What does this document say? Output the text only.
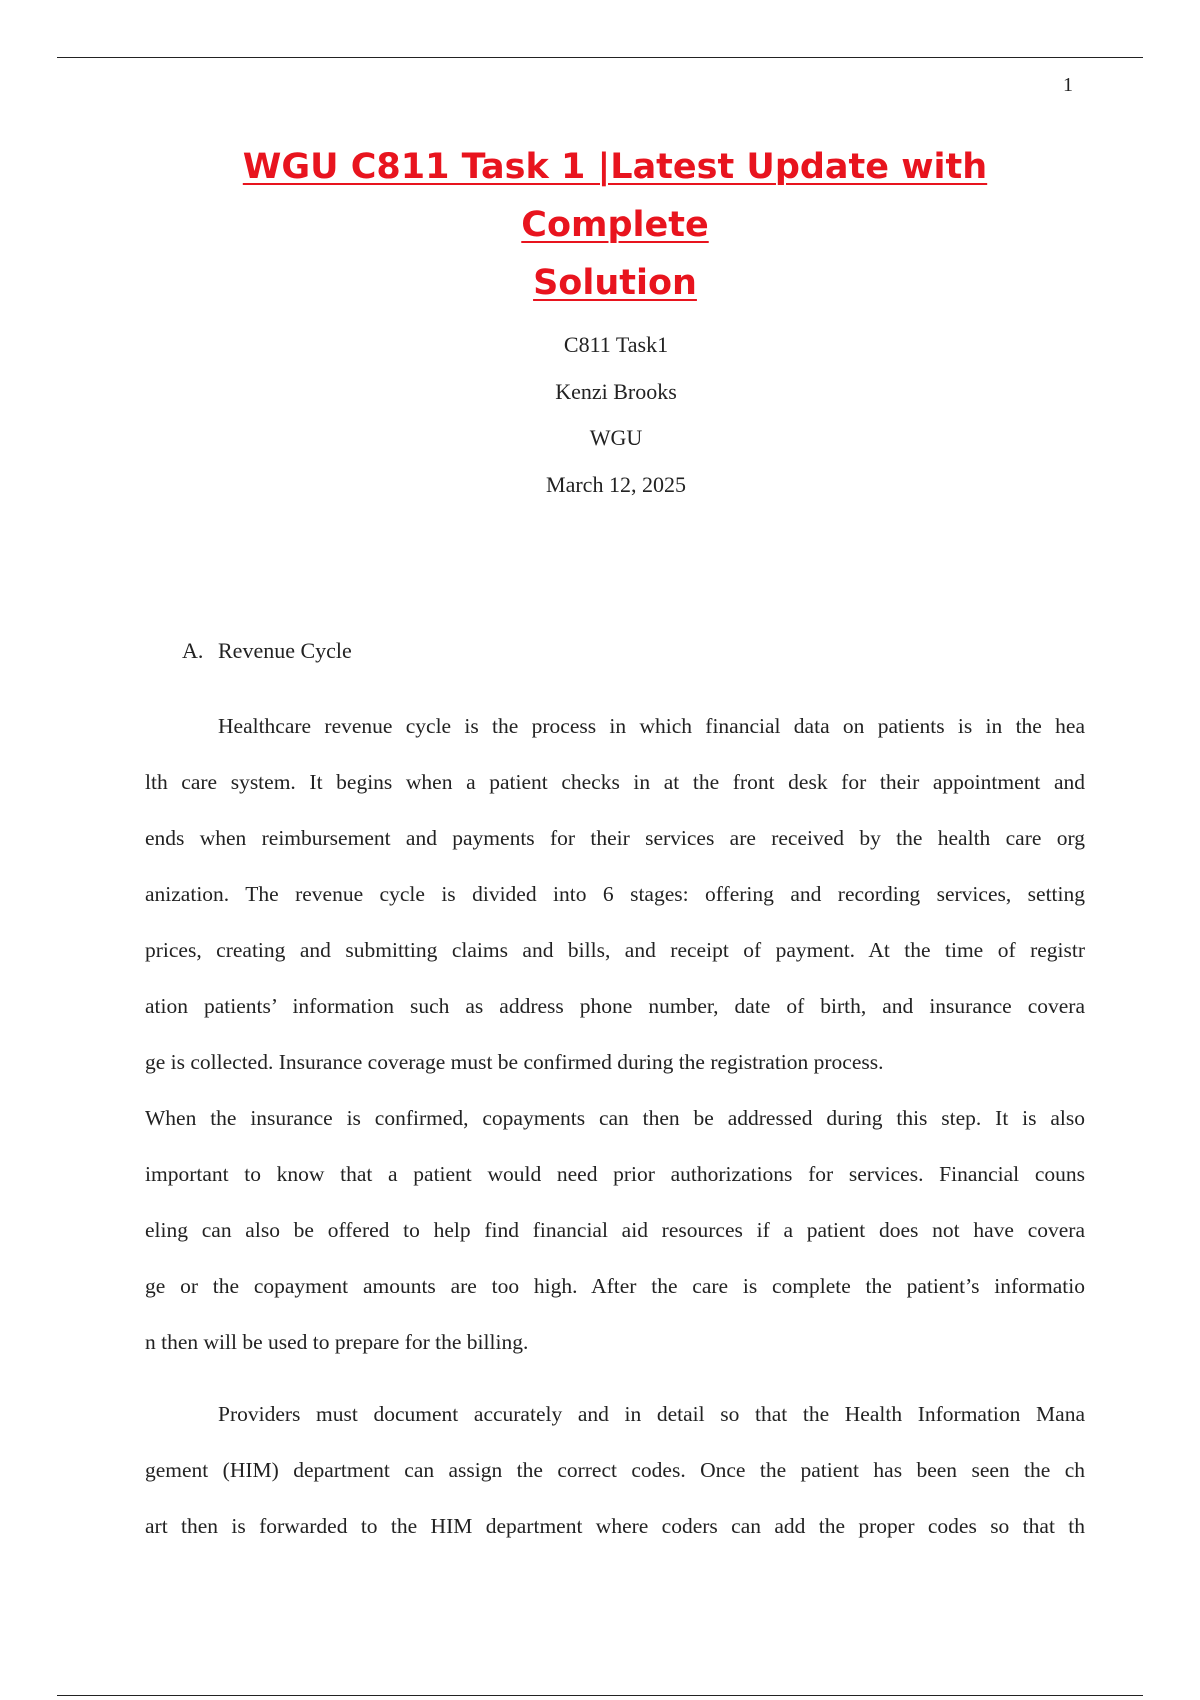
1
WGU C811 Task 1 |Latest Update with Complete
Solution
C811 Task1
Kenzi Brooks
WGU
March 12, 2025
A. Revenue Cycle
Healthcare revenue cycle is the process in which financial data on patients is in the hea
lth care system. It begins when a patient checks in at the front desk for their appointment and
ends when reimbursement and payments for their services are received by the health care org
anization. The revenue cycle is divided into 6 stages: offering and recording services, setting
prices, creating and submitting claims and bills, and receipt of payment. At the time of registr
ation patients’ information such as address phone number, date of birth, and insurance covera
ge is collected. Insurance coverage must be confirmed during the registration process.
When the insurance is confirmed, copayments can then be addressed during this step. It is also
important to know that a patient would need prior authorizations for services. Financial couns
eling can also be offered to help find financial aid resources if a patient does not have covera
ge or the copayment amounts are too high. After the care is complete the patient’s informatio
n then will be used to prepare for the billing.
Providers must document accurately and in detail so that the Health Information Mana
gement (HIM) department can assign the correct codes. Once the patient has been seen the ch
art then is forwarded to the HIM department where coders can add the proper codes so that th
